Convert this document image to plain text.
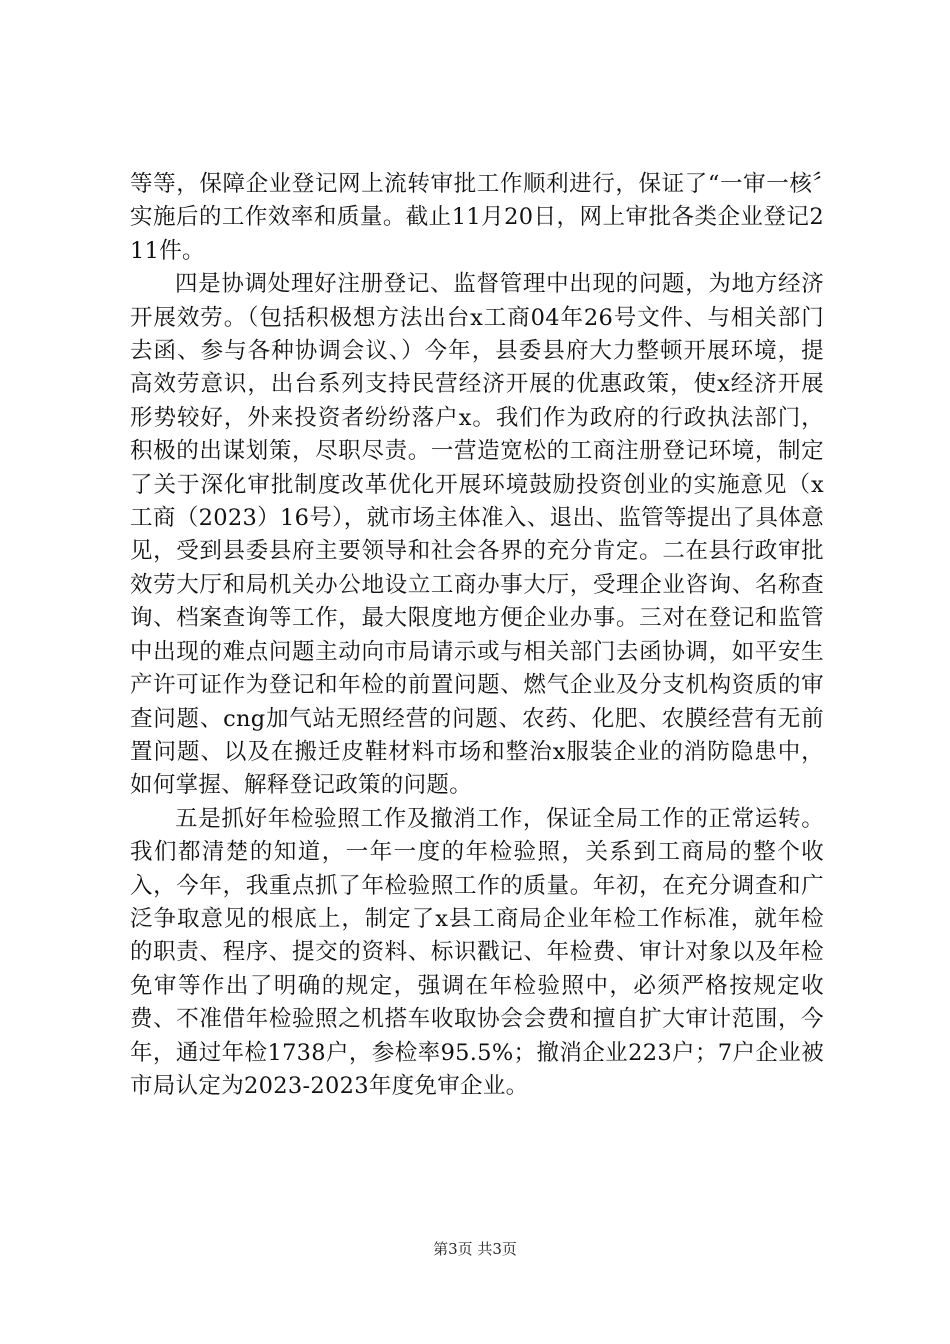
等等，保障企业登记网上流转审批工作顺利进行，保证了“一审一核〞实施后的工作效率和质量。截止11月20日，网上审批各类企业登记211件。

四是协调处理好注册登记、监督管理中出现的问题，为地方经济开展效劳。（包括积极想方法出台x工商04年26号文件、与相关部门去函、参与各种协调会议、）今年，县委县府大力整顿开展环境，提高效劳意识，出台系列支持民营经济开展的优惠政策，使x经济开展形势较好，外来投资者纷纷落户x。我们作为政府的行政执法部门，积极的出谋划策，尽职尽责。一营造宽松的工商注册登记环境，制定了关于深化审批制度改革优化开展环境鼓励投资创业的实施意见（x工商（2023）16号），就市场主体准入、退出、监管等提出了具体意见，受到县委县府主要领导和社会各界的充分肯定。二在县行政审批效劳大厅和局机关办公地设立工商办事大厅，受理企业咨询、名称查询、档案查询等工作，最大限度地方便企业办事。三对在登记和监管中出现的难点问题主动向市局请示或与相关部门去函协调，如平安生产许可证作为登记和年检的前置问题、燃气企业及分支机构资质的审查问题、cng加气站无照经营的问题、农药、化肥、农膜经营有无前置问题、以及在搬迁皮鞋材料市场和整治x服装企业的消防隐患中，如何掌握、解释登记政策的问题。

五是抓好年检验照工作及撤消工作，保证全局工作的正常运转。我们都清楚的知道，一年一度的年检验照，关系到工商局的整个收入，今年，我重点抓了年检验照工作的质量。年初，在充分调查和广泛争取意见的根底上，制定了x县工商局企业年检工作标准，就年检的职责、程序、提交的资料、标识戳记、年检费、审计对象以及年检免审等作出了明确的规定，强调在年检验照中，必须严格按规定收费、不准借年检验照之机搭车收取协会会费和擅自扩大审计范围，今年，通过年检1738户，参检率95.5%；撤消企业223户；7户企业被市局认定为2023-2023年度免审企业。

第3页 共3页
